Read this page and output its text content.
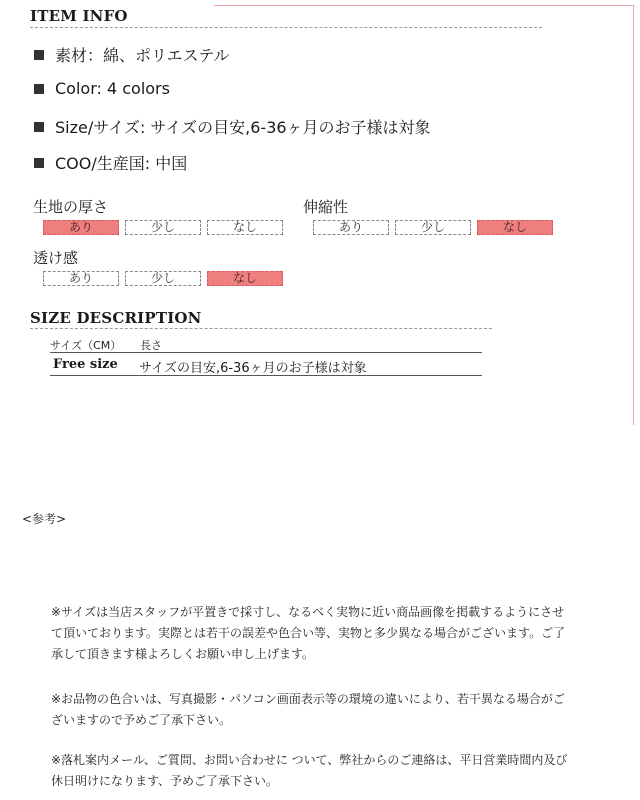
ITEM INFO
素材：綿、ポリエステル
Color: 4 colors
Size/サイズ: サイズの目安,6-36ヶ月のお子様は対象
COO/生産国: 中国
生地の厚さ
あり	少し	なし
伸縮性
あり	少し	なし
透け感
あり	少し	なし
SIZE DESCRIPTION
サイズ（CM） 長さ
Free size サイズの目安,6-36ヶ月のお子様は対象
<参考>
※サイズは当店スタッフが平置きで採寸し、なるべく実物に近い商品画像を掲載するようにさせて頂いております。実際とは若干の誤差や色合い等、実物と多少異なる場合がございます。ご了承して頂きます様よろしくお願い申し上げます。
※お品物の色合いは、写真撮影・パソコン画面表示等の環境の違いにより、若干異なる場合がございますので予めご了承下さい。
※落札案内メール、ご質問、お問い合わせに ついて、弊社からのご連絡は、平日営業時間内及び休日明けになります、予めご了承下さい。
